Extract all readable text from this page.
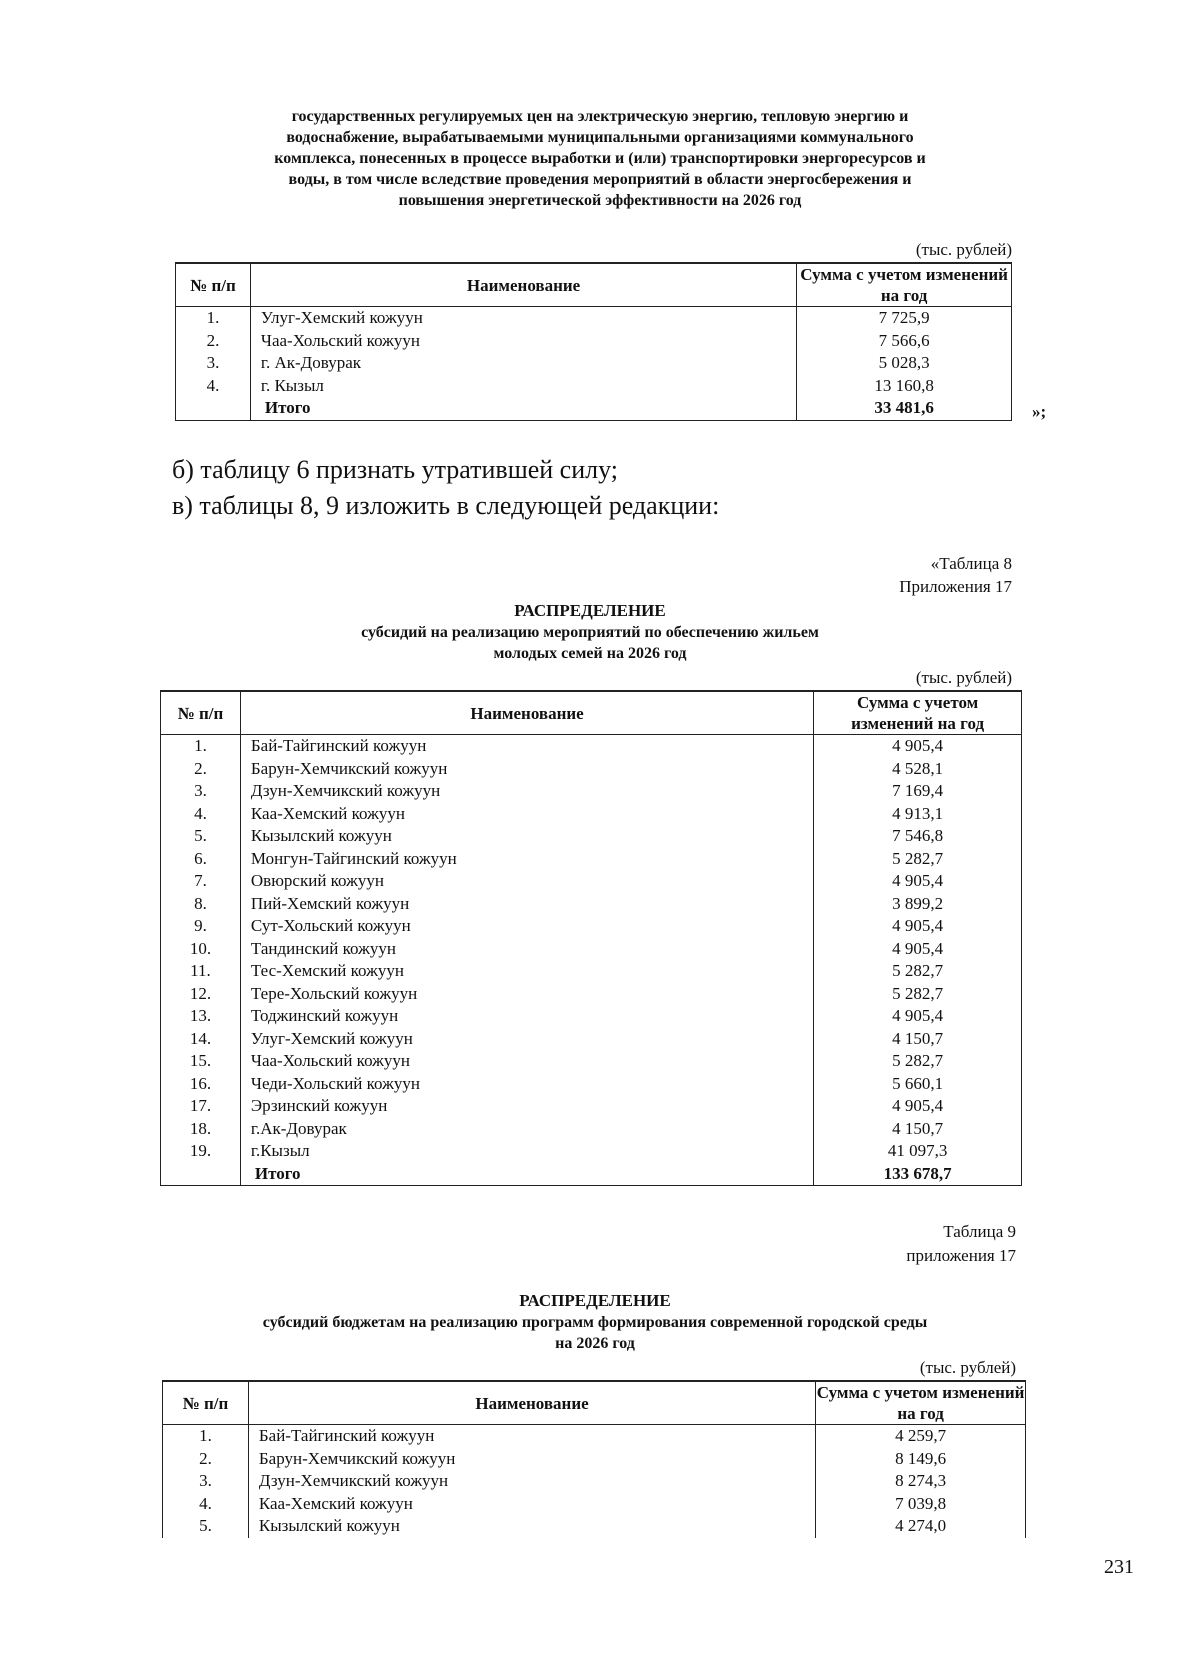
государственных регулируемых цен на электрическую энергию, тепловую энергию и
водоснабжение, вырабатываемыми муниципальными организациями коммунального
комплекса, понесенных в процессе выработки и (или) транспортировки энергоресурсов и
воды, в том числе вследствие проведения мероприятий в области энергосбережения и
повышения энергетической эффективности на 2026 год
(тыс. рублей)
№ п/п	Наименование	Сумма с учетом изменений на год
1.	Улуг-Хемский кожуун	7 725,9
2.	Чаа-Хольский кожуун	7 566,6
3.	г. Ак-Довурак	5 028,3
4.	г. Кызыл	13 160,8
	Итого	33 481,6	»;
б) таблицу 6 признать утратившей силу;
в) таблицы 8, 9 изложить в следующей редакции:
«Таблица 8
Приложения 17
РАСПРЕДЕЛЕНИЕ
субсидий на реализацию мероприятий по обеспечению жильем
молодых семей на 2026 год
(тыс. рублей)
№ п/п	Наименование	Сумма с учетом изменений на год
1.	Бай-Тайгинский кожуун	4 905,4
2.	Барун-Хемчикский кожуун	4 528,1
3.	Дзун-Хемчикский кожуун	7 169,4
4.	Каа-Хемский кожуун	4 913,1
5.	Кызылский кожуун	7 546,8
6.	Монгун-Тайгинский кожуун	5 282,7
7.	Овюрский кожуун	4 905,4
8.	Пий-Хемский кожуун	3 899,2
9.	Сут-Хольский кожуун	4 905,4
10.	Тандинский кожуун	4 905,4
11.	Тес-Хемский кожуун	5 282,7
12.	Тере-Хольский кожуун	5 282,7
13.	Тоджинский кожуун	4 905,4
14.	Улуг-Хемский кожуун	4 150,7
15.	Чаа-Хольский кожуун	5 282,7
16.	Чеди-Хольский кожуун	5 660,1
17.	Эрзинский кожуун	4 905,4
18.	г.Ак-Довурак	4 150,7
19.	г.Кызыл	41 097,3
	Итого	133 678,7
Таблица 9
приложения 17
РАСПРЕДЕЛЕНИЕ
субсидий бюджетам на реализацию программ формирования современной городской среды
на 2026 год
(тыс. рублей)
№ п/п	Наименование	Сумма с учетом изменений на год
1.	Бай-Тайгинский кожуун	4 259,7
2.	Барун-Хемчикский кожуун	8 149,6
3.	Дзун-Хемчикский кожуун	8 274,3
4.	Каа-Хемский кожуун	7 039,8
5.	Кызылский кожуун	4 274,0
231
